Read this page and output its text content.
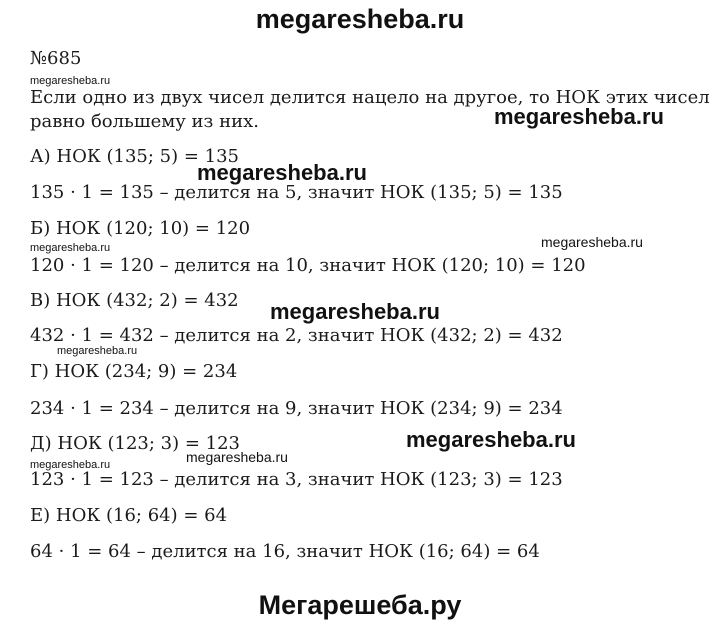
megaresheba.ru
№685
Если одно из двух чисел делится нацело на другое, то НОК этих чисел
равно большему из них.
А) НОК (135; 5) = 135
135 · 1 = 135 – делится на 5, значит НОК (135; 5) = 135
Б) НОК (120; 10) = 120
120 · 1 = 120 – делится на 10, значит НОК (120; 10) = 120
В) НОК (432; 2) = 432
432 · 1 = 432 – делится на 2, значит НОК (432; 2) = 432
Г) НОК (234; 9) = 234
234 · 1 = 234 – делится на 9, значит НОК (234; 9) = 234
Д) НОК (123; 3) = 123
123 · 1 = 123 – делится на 3, значит НОК (123; 3) = 123
Е) НОК (16; 64) = 64
64 · 1 = 64 – делится на 16, значит НОК (16; 64) = 64
megaresheba.ru
megaresheba.ru
megaresheba.ru
megaresheba.ru	megaresheba.ru
megaresheba.ru
megaresheba.ru
megaresheba.ru
megaresheba.ru	megaresheba.ru
Мегарешеба.ру
